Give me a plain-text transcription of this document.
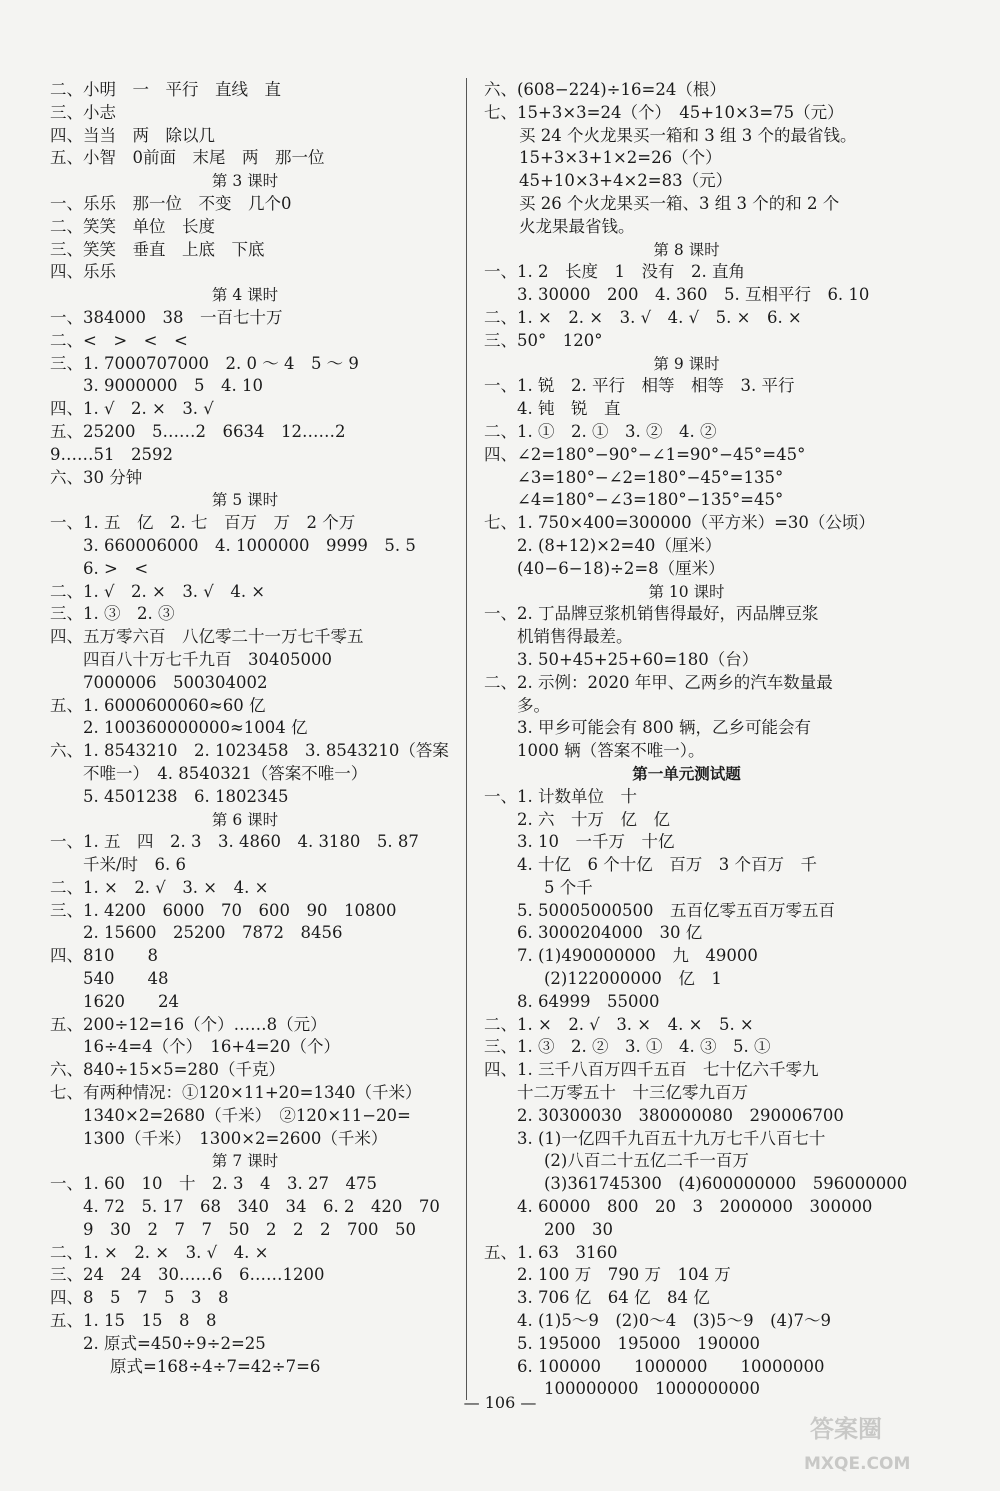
二、小明　一　平行　直线　直
三、小志
四、当当　两　除以几
五、小智　0前面　末尾　两　那一位
第 3 课时
一、乐乐　那一位　不变　几个0
二、笑笑　单位　长度
三、笑笑　垂直　上底　下底
四、乐乐
第 4 课时
一、384000　38　一百七十万
二、<　>　<　<
三、1. 7000707000　2. 0 ～ 4　5 ～ 9
3. 9000000　5　4. 10
四、1. √　2. ×　3. √
五、25200　5……2　6634　12……2
9……51　2592
六、30 分钟
第 5 课时
一、1. 五　亿　2. 七　百万　万　2 个万
3. 660006000　4. 1000000　9999　5. 5
6. >　<
二、1. √　2. ×　3. √　4. ×
三、1. ③　2. ③
四、五万零六百　八亿零二十一万七千零五
四百八十万七千九百　30405000
7000006　500304002
五、1. 6000600060≈60 亿
2. 100360000000≈1004 亿
六、1. 8543210　2. 1023458　3. 8543210（答案
不唯一）　4. 8540321（答案不唯一）
5. 4501238　6. 1802345
第 6 课时
一、1. 五　四　2. 3　3. 4860　4. 3180　5. 87
千米/时　6. 6
二、1. ×　2. √　3. ×　4. ×
三、1. 4200　6000　70　600　90　10800
2. 15600　25200　7872　8456
四、810　　8
540　　48
1620　　24
五、200÷12=16（个）……8（元）
16÷4=4（个）　16+4=20（个）
六、840÷15×5=280（千克）
七、有两种情况：①120×11+20=1340（千米）
1340×2=2680（千米）　②120×11−20=
1300（千米）　1300×2=2600（千米）
第 7 课时
一、1. 60　10　十　2. 3　4　3. 27　475
4. 72　5. 17　68　340　34　6. 2　420　70
9　30　2　7　7　50　2　2　2　700　50
二、1. ×　2. ×　3. √　4. ×
三、24　24　30……6　6……1200
四、8　5　7　5　3　8
五、1. 15　15　8　8
2. 原式=450÷9÷2=25
原式=168÷4÷7=42÷7=6
六、(608−224)÷16=24（根）
七、15+3×3=24（个）　45+10×3=75（元）
买 24 个火龙果买一箱和 3 组 3 个的最省钱。
15+3×3+1×2=26（个）
45+10×3+4×2=83（元）
买 26 个火龙果买一箱、3 组 3 个的和 2 个
火龙果最省钱。
第 8 课时
一、1. 2　长度　1　没有　2. 直角
3. 30000　200　4. 360　5. 互相平行　6. 10
二、1. ×　2. ×　3. √　4. √　5. ×　6. ×
三、50°　120°
第 9 课时
一、1. 锐　2. 平行　相等　相等　3. 平行
4. 钝　锐　直
二、1. ①　2. ①　3. ②　4. ②
四、∠2=180°−90°−∠1=90°−45°=45°
∠3=180°−∠2=180°−45°=135°
∠4=180°−∠3=180°−135°=45°
七、1. 750×400=300000（平方米）=30（公顷）
2. (8+12)×2=40（厘米）
(40−6−18)÷2=8（厘米）
第 10 课时
一、2. 丁品牌豆浆机销售得最好，丙品牌豆浆
机销售得最差。
3. 50+45+25+60=180（台）
二、2. 示例：2020 年甲、乙两乡的汽车数量最
多。
3. 甲乡可能会有 800 辆，乙乡可能会有
1000 辆（答案不唯一）。
第一单元测试题
一、1. 计数单位　十
2. 六　十万　亿　亿
3. 10　一千万　十亿
4. 十亿　6 个十亿　百万　3 个百万　千
5 个千
5. 50005000500　五百亿零五百万零五百
6. 3000204000　30 亿
7. (1)490000000　九　49000
(2)122000000　亿　1
8. 64999　55000
二、1. ×　2. √　3. ×　4. ×　5. ×
三、1. ③　2. ②　3. ①　4. ③　5. ①
四、1. 三千八百万四千五百　七十亿六千零九
十二万零五十　十三亿零九百万
2. 30300030　380000080　290006700
3. (1)一亿四千九百五十九万七千八百七十
(2)八百二十五亿二千一百万
(3)361745300　(4)600000000　596000000
4. 60000　800　20　3　2000000　300000
200　30
五、1. 63　3160
2. 100 万　790 万　104 万
3. 706 亿　64 亿　84 亿
4. (1)5～9　(2)0～4　(3)5～9　(4)7～9
5. 195000　195000　190000
6. 100000　　1000000　　10000000
100000000　1000000000
— 106 —
答案圈
MXQE.COM
